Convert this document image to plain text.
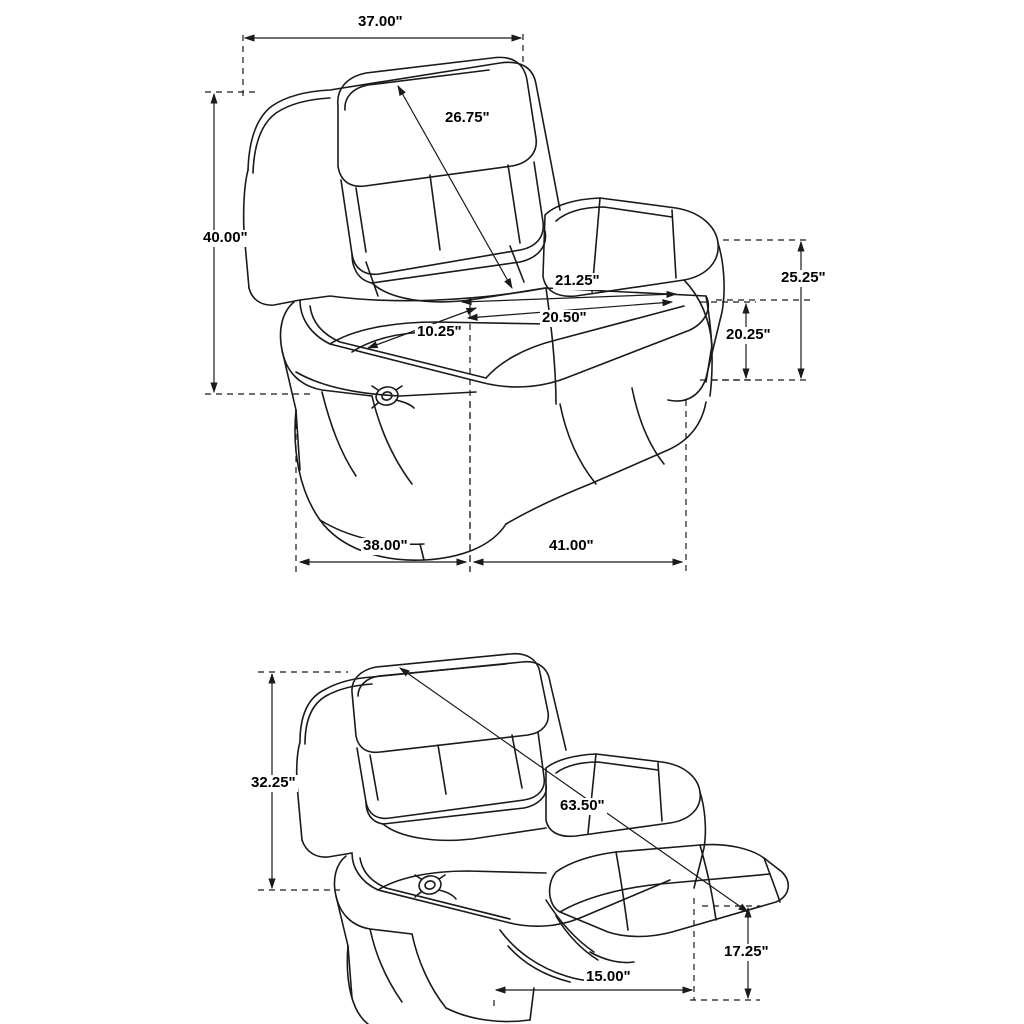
37.00"
26.75"
40.00"
21.25"
20.50"
10.25"
25.25"
20.25"
38.00"	41.00"
32.25"
63.50"
17.25"
15.00"
